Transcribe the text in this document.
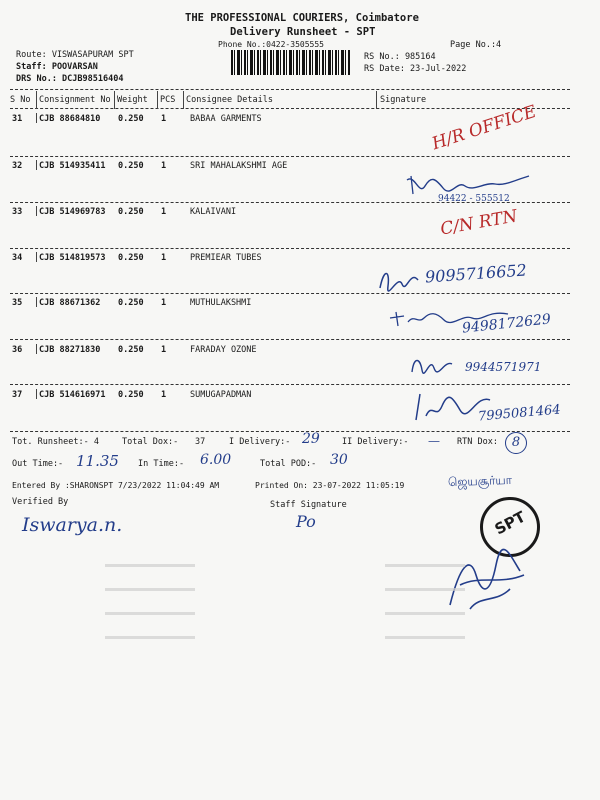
THE PROFESSIONAL COURIERS, Coimbatore
Delivery Runsheet - SPT
Phone No.:0422-3505555	Page No.:4
Route: VISWASAPURAM SPT
Staff: POOVARSAN
DRS No.: DCJB98516404
RS No.: 985164
RS Date: 23-Jul-2022
S No Consignment No Weight PCS Consignee Details	Signature
31 CJB 88684810 0.250 1	BABAA GARMENTS	H/R OFFICE
32 CJB 514935411 0.250 1	SRI MAHALAKSHMI AGE
94422 - 555512
33 CJB 514969783 0.250 1	KALAIVANI	C/N RTN
34 CJB 514819573 0.250 1	PREMIEAR TUBES
9095716652
35 CJB 88671362 0.250 1	MUTHULAKSHMI
9498172629
36 CJB 88271830 0.250 1	FARADAY OZONE
9944571971
37 CJB 514616971 0.250 1	SUMUGAPADMAN
7995081464
Tot. Runsheet:- 4	Total Dox:- 37	I Delivery:- 29	II Delivery:- — RTN Dox:	8
Out Time:- 11.35 In Time:- 6.00	Total POD:- 30
Entered By :SHARONSPT 7/23/2022 11:04:49 AM	Printed On: 23-07-2022 11:05:19	ஜெயசூர்யா
Verified By	Staff Signature
Iswarya.n.	Po	SPT
